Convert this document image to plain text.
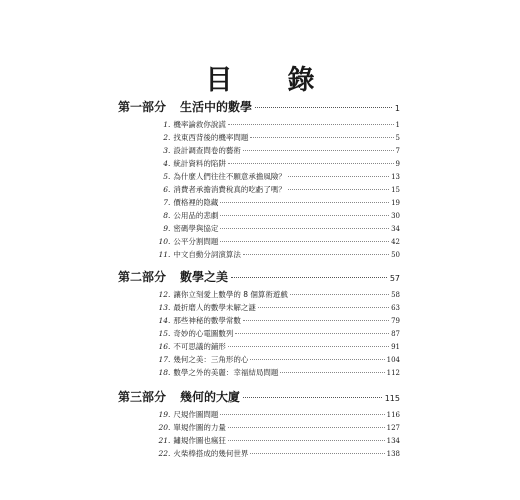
目　錄
第一部分 生活中的數學	1
1 . 機率論救你說謊	1
2 . 找東西背後的機率問題	5
3 . 設計調查問卷的藝術	7
4 . 統計資料的陷阱	9
5 . 為什麼人們往往不願意承擔風險？	13
6 . 消費者承擔消費稅真的吃虧了嗎？	15
7 . 價格裡的隐藏	19
8 . 公用品的悲劇	30
9 . 密碼學與協定	34
10 . 公平分割問題	42
11 . 中文自動分詞演算法	50
第二部分 數學之美	57
12 . 讓你立刻愛上數學的 8 個算術遊戲	58
13 . 最折磨人的數學未解之謎	63
14 . 那些神秘的數學常數	79
15 . 奇妙的心電圖數列	87
16 . 不可思議的鋪形	91
17 . 幾何之美：三角形的心	104
18 . 數學之外的美麗：幸福結局問題	112
第三部分 幾何的大廈	115
19 . 尺規作圖問題	116
20 . 單規作圖的力量	127
21 . 鏽規作圖也瘋狂	134
22 . 火柴棒搭成的幾何世界	138
